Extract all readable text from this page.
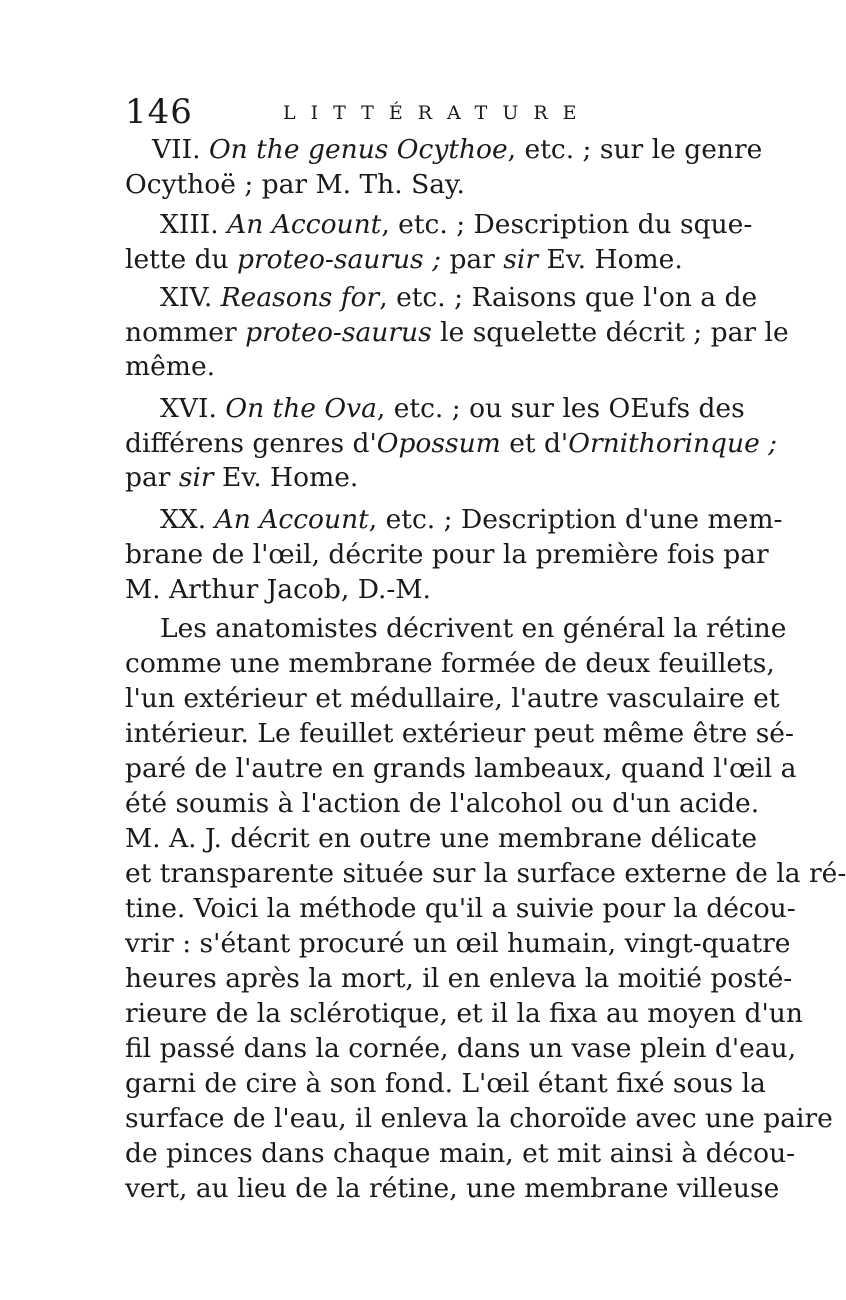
146	LITTÉRATURE
VII. On the genus Ocythoe, etc. ; sur le genre
Ocythoë ; par M. Th. Say.
XIII. An Account, etc. ; Description du sque-
lette du proteo-saurus ; par sir Ev. Home.
XIV. Reasons for, etc. ; Raisons que l'on a de
nommer proteo-saurus le squelette décrit ; par le
même.
XVI. On the Ova, etc. ; ou sur les OEufs des
différens genres d'Opossum et d'Ornithorinque ;
par sir Ev. Home.
XX. An Account, etc. ; Description d'une mem-
brane de l'œil, décrite pour la première fois par
M. Arthur Jacob, D.-M.
Les anatomistes décrivent en général la rétine
comme une membrane formée de deux feuillets,
l'un extérieur et médullaire, l'autre vasculaire et
intérieur. Le feuillet extérieur peut même être sé-
paré de l'autre en grands lambeaux, quand l'œil a
été soumis à l'action de l'alcohol ou d'un acide.
M. A. J. décrit en outre une membrane délicate
et transparente située sur la surface externe de la ré-
tine. Voici la méthode qu'il a suivie pour la décou-
vrir : s'étant procuré un œil humain, vingt-quatre
heures après la mort, il en enleva la moitié posté-
rieure de la sclérotique, et il la fixa au moyen d'un
fil passé dans la cornée, dans un vase plein d'eau,
garni de cire à son fond. L'œil étant fixé sous la
surface de l'eau, il enleva la choroïde avec une paire
de pinces dans chaque main, et mit ainsi à décou-
vert, au lieu de la rétine, une membrane villeuse
